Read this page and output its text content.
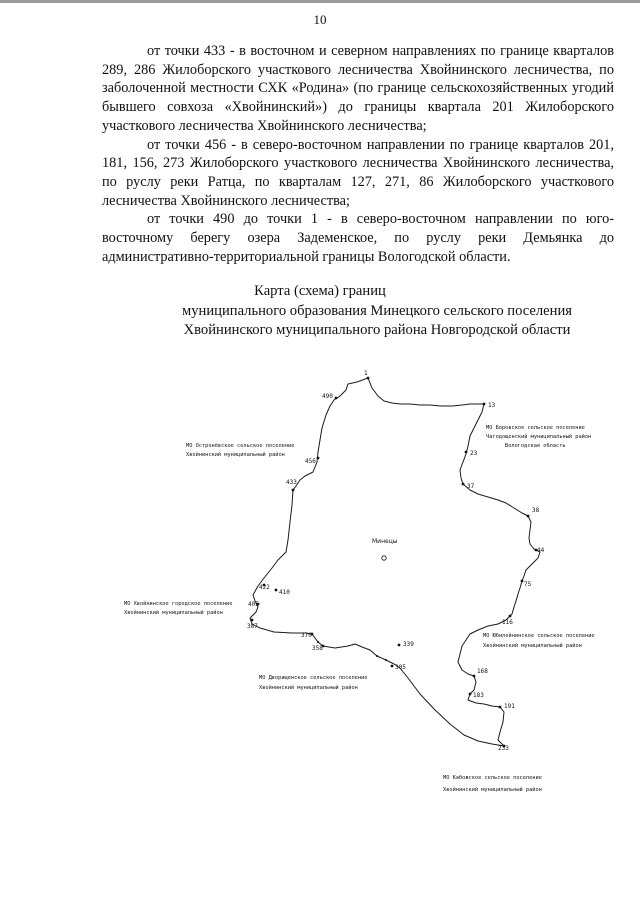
10

от точки 433 - в восточном и северном направлениях по границе кварталов 289, 286 Жилоборского участкового лесничества Хвойнинского лесничества, по заболоченной местности СХК «Родина» (по границе сельскохозяйственных угодий бывшего совхоза «Хвойнинский») до границы квартала 201 Жилоборского участкового лесничества Хвойнинского лесничества;

от точки 456 - в северо-восточном направлении по границе кварталов 201, 181, 156, 273 Жилоборского участкового лесничества Хвойнинского лесничества, по руслу реки Ратца, по кварталам 127, 271, 86 Жилоборского участкового лесничества Хвойнинского лесничества;

от точки 490 до точки 1 - в северо-восточном направлении по юго-восточному берегу озера Задеменское, по руслу реки Демьянка до административно-территориальной границы Вологодской области.

Карта (схема) границ
муниципального образования Минецкого сельского поселения
Хвойнинского муниципального района Новгородской области
1
490
13
456
23
433
37
38
44
75
422
410
405
116
387
370
358
339
305
168
183
191
233
Минецы
МО Остронёвское сельское поселение
Хвойнинский муниципальный район
МО Боровское сельское поселение
Чагодощенский муниципальный район
Вологодская область
МО Хвойнинское городское поселение
Хвойнинский муниципальный район
МО Юбилейнинское сельское поселение
Хвойнинский муниципальный район
МО Дворищенское сельское поселение
Хвойнинский муниципальный район
МО Кабожское сельское поселение
Хвойнинский муниципальный район
